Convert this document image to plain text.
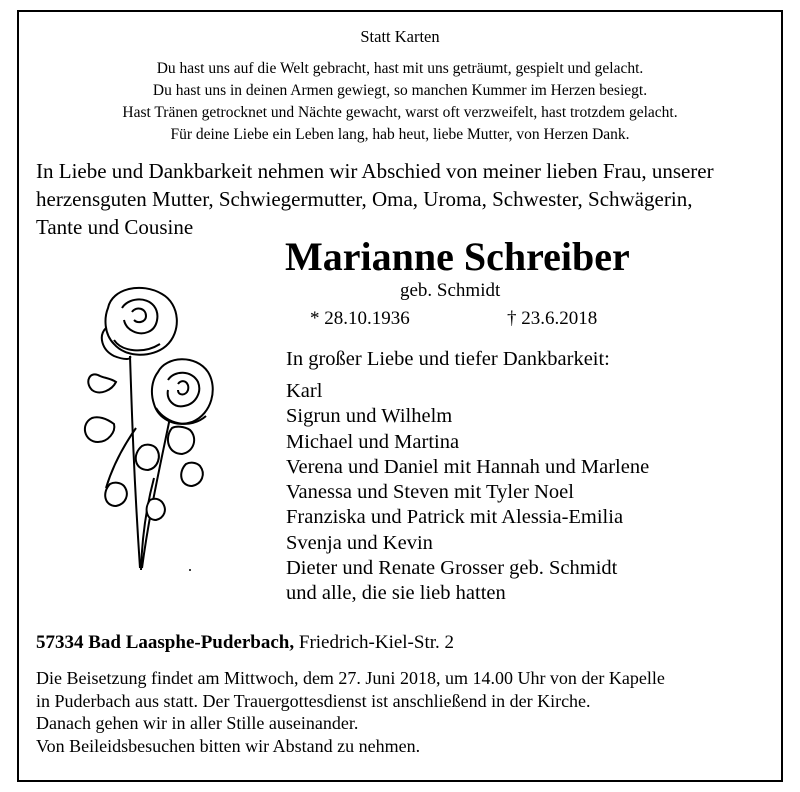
Statt Karten
Du hast uns auf die Welt gebracht, hast mit uns geträumt, gespielt und gelacht.
Du hast uns in deinen Armen gewiegt, so manchen Kummer im Herzen besiegt.
Hast Tränen getrocknet und Nächte gewacht, warst oft verzweifelt, hast trotzdem gelacht.
Für deine Liebe ein Leben lang, hab heut, liebe Mutter, von Herzen Dank.
In Liebe und Dankbarkeit nehmen wir Abschied von meiner lieben Frau, unserer
herzensguten Mutter, Schwiegermutter, Oma, Uroma, Schwester, Schwägerin,
Tante und Cousine
Marianne Schreiber
geb. Schmidt
* 28.10.1936	† 23.6.2018
In großer Liebe und tiefer Dankbarkeit:
Karl
Sigrun und Wilhelm
Michael und Martina
Verena und Daniel mit Hannah und Marlene
Vanessa und Steven mit Tyler Noel
Franziska und Patrick mit Alessia-Emilia
Svenja und Kevin
Dieter und Renate Grosser geb. Schmidt
und alle, die sie lieb hatten
57334 Bad Laasphe-Puderbach, Friedrich-Kiel-Str. 2
Die Beisetzung findet am Mittwoch, dem 27. Juni 2018, um 14.00 Uhr von der Kapelle
in Puderbach aus statt. Der Trauergottesdienst ist anschließend in der Kirche.
Danach gehen wir in aller Stille auseinander.
Von Beileidsbesuchen bitten wir Abstand zu nehmen.
